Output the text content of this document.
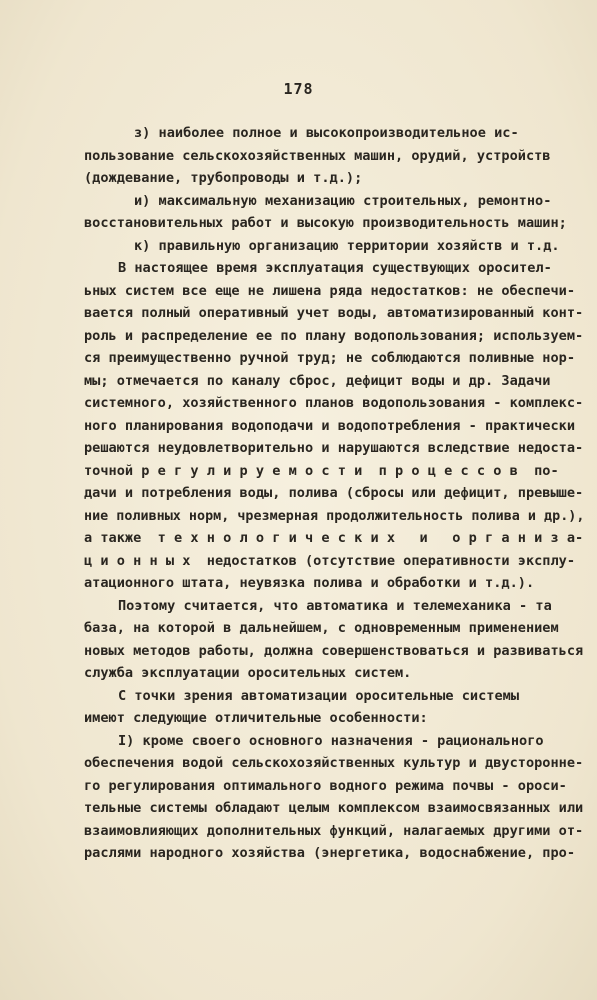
178
з) наиболее полное и высокопроизводительное ис-
пользование сельскохозяйственных машин, орудий, устройств
(дождевание, трубопроводы и т.д.);
и) максимальную механизацию строительных, ремонтно-
восстановительных работ и высокую производительность машин;
к) правильную организацию территории хозяйств и т.д.
В настоящее время эксплуатация существующих оросител-
ьных систем все еще не лишена ряда недостатков: не обеспечи-
вается полный оперативный учет воды, автоматизированный конт-
роль и распределение ее по плану водопользования; используем-
ся преимущественно ручной труд; не соблюдаются поливные нор-
мы; отмечается по каналу сброс, дефицит воды и др. Задачи
системного, хозяйственного планов водопользования - комплекс-
ного планирования водоподачи и водопотребления - практически
решаются неудовлетворительно и нарушаются вследствие недоста-
точной р е г у л и р у е м о с т и  п р о ц е с с о в  по-
дачи и потребления воды, полива (сбросы или дефицит, превыше-
ние поливных норм, чрезмерная продолжительность полива и др.),
а также  т е х н о л о г и ч е с к и х   и   о р г а н и з а-
ц и о н н ы х  недостатков (отсутствие оперативности эксплу-
атационного штата, неувязка полива и обработки и т.д.).
Поэтому считается, что автоматика и телемеханика - та
база, на которой в дальнейшем, с одновременным применением
новых методов работы, должна совершенствоваться и развиваться
служба эксплуатации оросительных систем.
С точки зрения автоматизации оросительные системы
имеют следующие отличительные особенности:
I) кроме своего основного назначения - рационального
обеспечения водой сельскохозяйственных культур и двусторонне-
го регулирования оптимального водного режима почвы - ороси-
тельные системы обладают целым комплексом взаимосвязанных или
взаимовлияющих дополнительных функций, налагаемых другими от-
раслями народного хозяйства (энергетика, водоснабжение, про-
